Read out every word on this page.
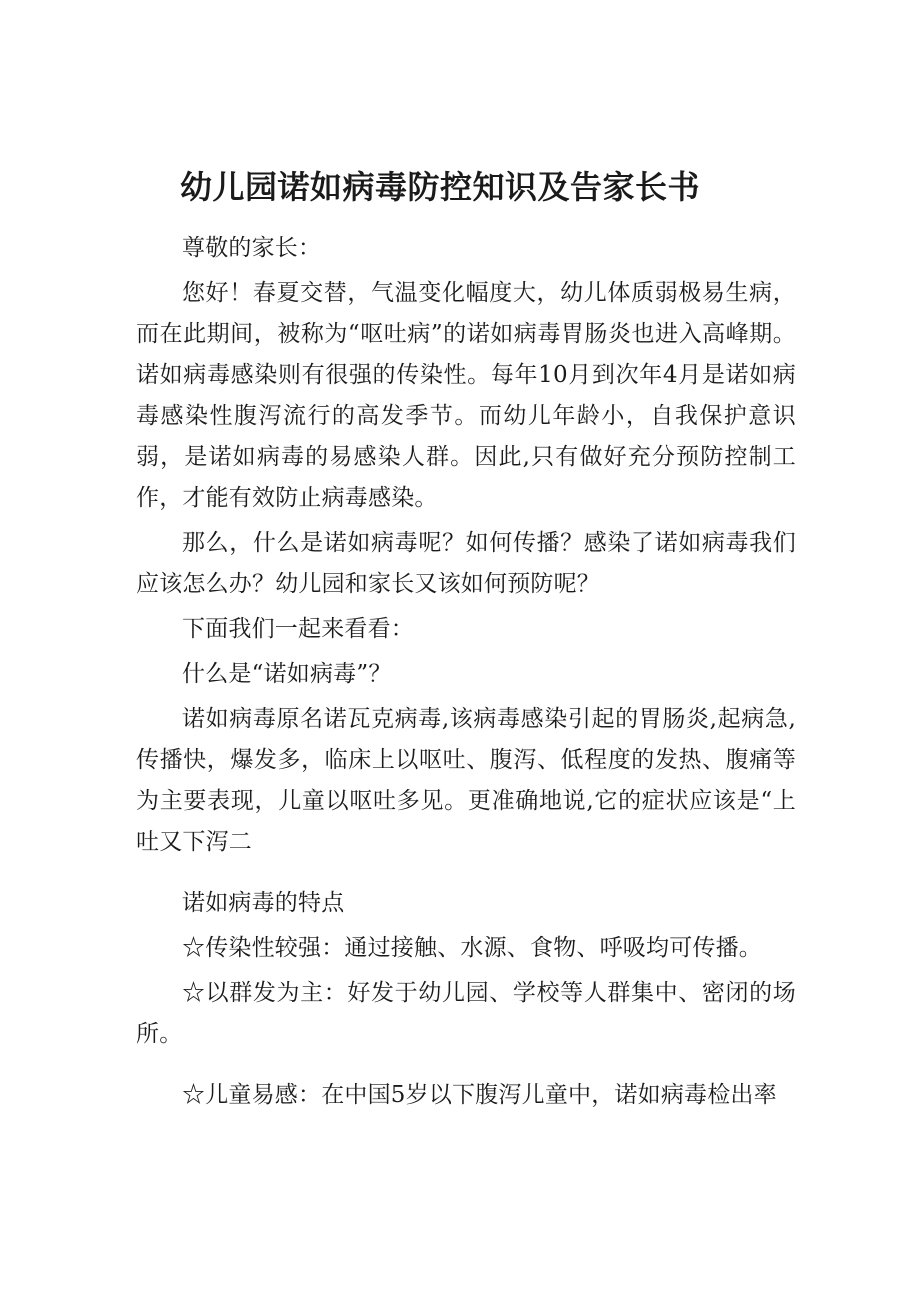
幼儿园诺如病毒防控知识及告家长书

尊敬的家长：

您好！春夏交替，气温变化幅度大，幼儿体质弱极易生病，而在此期间，被称为“呕吐病”的诺如病毒胃肠炎也进入高峰期。诺如病毒感染则有很强的传染性。每年10月到次年4月是诺如病毒感染性腹泻流行的高发季节。而幼儿年龄小，自我保护意识弱，是诺如病毒的易感染人群。因此,只有做好充分预防控制工作，才能有效防止病毒感染。

那么，什么是诺如病毒呢？如何传播？感染了诺如病毒我们应该怎么办？幼儿园和家长又该如何预防呢？

下面我们一起来看看：

什么是“诺如病毒”？

诺如病毒原名诺瓦克病毒,该病毒感染引起的胃肠炎,起病急,传播快，爆发多，临床上以呕吐、腹泻、低程度的发热、腹痛等为主要表现，儿童以呕吐多见。更准确地说,它的症状应该是“上吐又下泻二

诺如病毒的特点

☆传染性较强：通过接触、水源、食物、呼吸均可传播。

☆以群发为主：好发于幼儿园、学校等人群集中、密闭的场所。

☆儿童易感：在中国5岁以下腹泻儿童中，诺如病毒检出率
